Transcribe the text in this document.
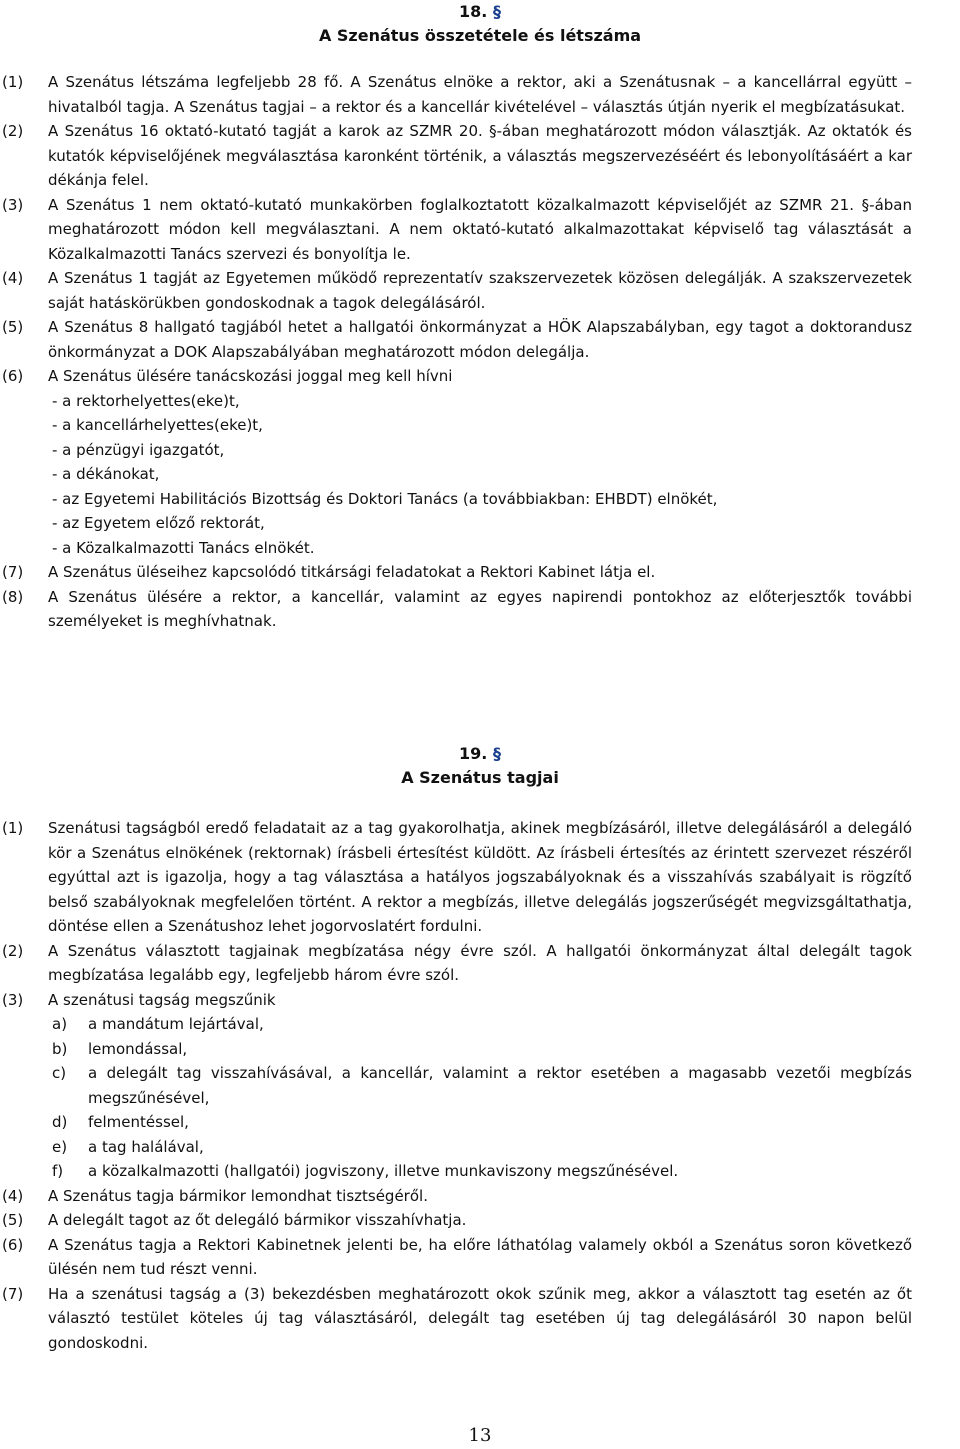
18. §
A Szenátus összetétele és létszáma
(1) A Szenátus létszáma legfeljebb 28 fő. A Szenátus elnöke a rektor, aki a Szenátusnak – a kancellárral együtt – hivatalból tagja. A Szenátus tagjai – a rektor és a kancellár kivételével – választás útján nyerik el megbízatásukat.
(2) A Szenátus 16 oktató-kutató tagját a karok az SZMR 20. §-ában meghatározott módon választják. Az oktatók és kutatók képviselőjének megválasztása karonként történik, a választás megszervezéséért és lebonyolításáért a kar dékánja felel.
(3) A Szenátus 1 nem oktató-kutató munkakörben foglalkoztatott közalkalmazott képviselőjét az SZMR 21. §-ában meghatározott módon kell megválasztani. A nem oktató-kutató alkalmazottakat képviselő tag választását a Közalkalmazotti Tanács szervezi és bonyolítja le.
(4) A Szenátus 1 tagját az Egyetemen működő reprezentatív szakszervezetek közösen delegálják. A szakszervezetek saját hatáskörükben gondoskodnak a tagok delegálásáról.
(5) A Szenátus 8 hallgató tagjából hetet a hallgatói önkormányzat a HÖK Alapszabályban, egy tagot a doktorandusz önkormányzat a DOK Alapszabályában meghatározott módon delegálja.
(6) A Szenátus ülésére tanácskozási joggal meg kell hívni
- a rektorhelyettes(eke)t,
- a kancellárhelyettes(eke)t,
- a pénzügyi igazgatót,
- a dékánokat,
- az Egyetemi Habilitációs Bizottság és Doktori Tanács (a továbbiakban: EHBDT) elnökét,
- az Egyetem előző rektorát,
- a Közalkalmazotti Tanács elnökét.
(7) A Szenátus üléseihez kapcsolódó titkársági feladatokat a Rektori Kabinet látja el.
(8) A Szenátus ülésére a rektor, a kancellár, valamint az egyes napirendi pontokhoz az előterjesztők további személyeket is meghívhatnak.
19. §
A Szenátus tagjai
(1) Szenátusi tagságból eredő feladatait az a tag gyakorolhatja, akinek megbízásáról, illetve delegálásáról a delegáló kör a Szenátus elnökének (rektornak) írásbeli értesítést küldött. Az írásbeli értesítés az érintett szervezet részéről egyúttal azt is igazolja, hogy a tag választása a hatályos jogszabályoknak és a visszahívás szabályait is rögzítő belső szabályoknak megfelelően történt. A rektor a megbízás, illetve delegálás jogszerűségét megvizsgáltathatja, döntése ellen a Szenátushoz lehet jogorvoslatért fordulni.
(2) A Szenátus választott tagjainak megbízatása négy évre szól. A hallgatói önkormányzat által delegált tagok megbízatása legalább egy, legfeljebb három évre szól.
(3) A szenátusi tagság megszűnik
a) a mandátum lejártával,
b) lemondással,
c) a delegált tag visszahívásával, a kancellár, valamint a rektor esetében a magasabb vezetői megbízás megszűnésével,
d) felmentéssel,
e) a tag halálával,
f) a közalkalmazotti (hallgatói) jogviszony, illetve munkaviszony megszűnésével.
(4) A Szenátus tagja bármikor lemondhat tisztségéről.
(5) A delegált tagot az őt delegáló bármikor visszahívhatja.
(6) A Szenátus tagja a Rektori Kabinetnek jelenti be, ha előre láthatólag valamely okból a Szenátus soron következő ülésén nem tud részt venni.
(7) Ha a szenátusi tagság a (3) bekezdésben meghatározott okok szűnik meg, akkor a választott tag esetén az őt választó testület köteles új tag választásáról, delegált tag esetében új tag delegálásáról 30 napon belül gondoskodni.
13
